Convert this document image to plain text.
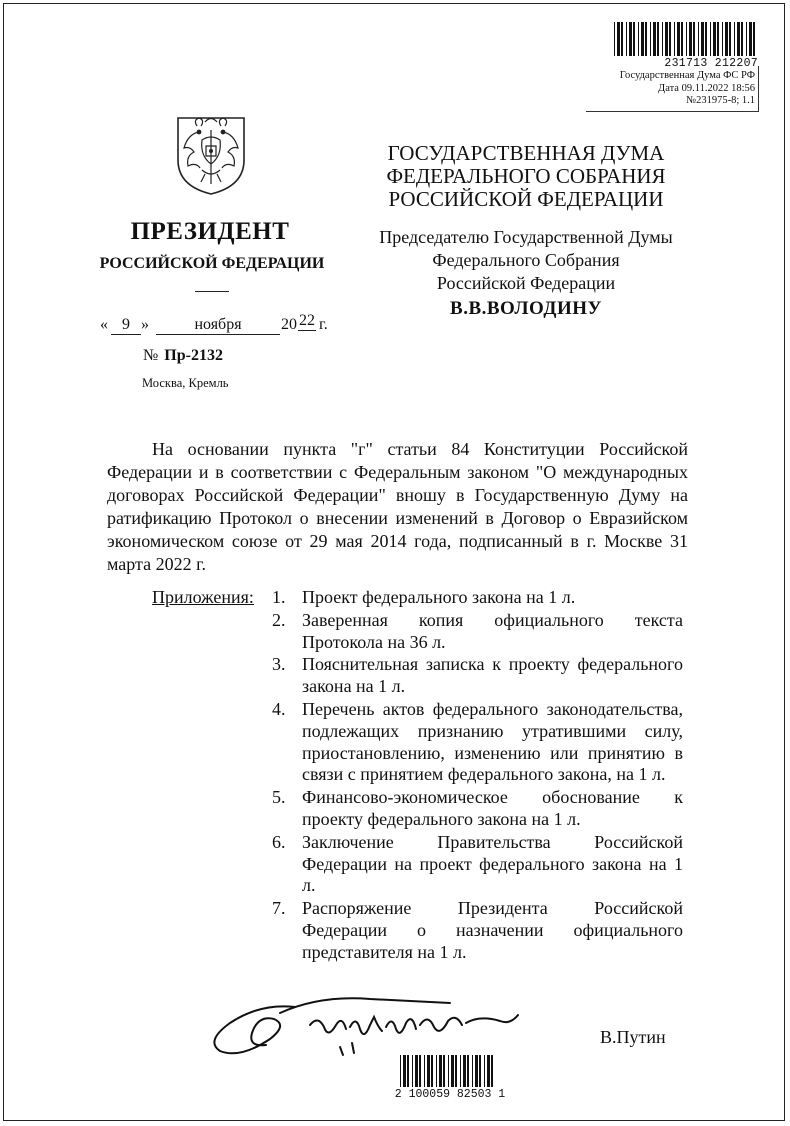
231713 212207
Государственная Дума ФС РФ
Дата 09.11.2022 18:56
№231975-8; 1.1
ПРЕЗИДЕНТ
РОССИЙСКОЙ ФЕДЕРАЦИИ
« 9 »	ноября	20 22 г.
№ Пр-2132
Москва, Кремль
ГОСУДАРСТВЕННАЯ ДУМА
ФЕДЕРАЛЬНОГО СОБРАНИЯ
РОССИЙСКОЙ ФЕДЕРАЦИИ
Председателю Государственной Думы
Федерального Собрания
Российской Федерации
В.В.ВОЛОДИНУ
На основании пункта "г" статьи 84 Конституции Российской Федерации и в соответствии с Федеральным законом "О международных договорах Российской Федерации" вношу в Государственную Думу на ратификацию Протокол о внесении изменений в Договор о Евразийском экономическом союзе от 29 мая 2014 года, подписанный в г. Москве 31 марта 2022 г.
Приложения: 1. Проект федерального закона на 1 л.
2. Заверенная копия официального текста Протокола на 36 л.
3. Пояснительная записка к проекту федерального закона на 1 л.
4. Перечень актов федерального законодательства, подлежащих признанию утратившими силу, приостановлению, изменению или принятию в связи с принятием федерального закона, на 1 л.
5. Финансово-экономическое обоснование к проекту федерального закона на 1 л.
6. Заключение Правительства Российской Федерации на проект федерального закона на 1 л.
7. Распоряжение Президента Российской Федерации о назначении официального представителя на 1 л.
В.Путин
2 100059 82503 1
